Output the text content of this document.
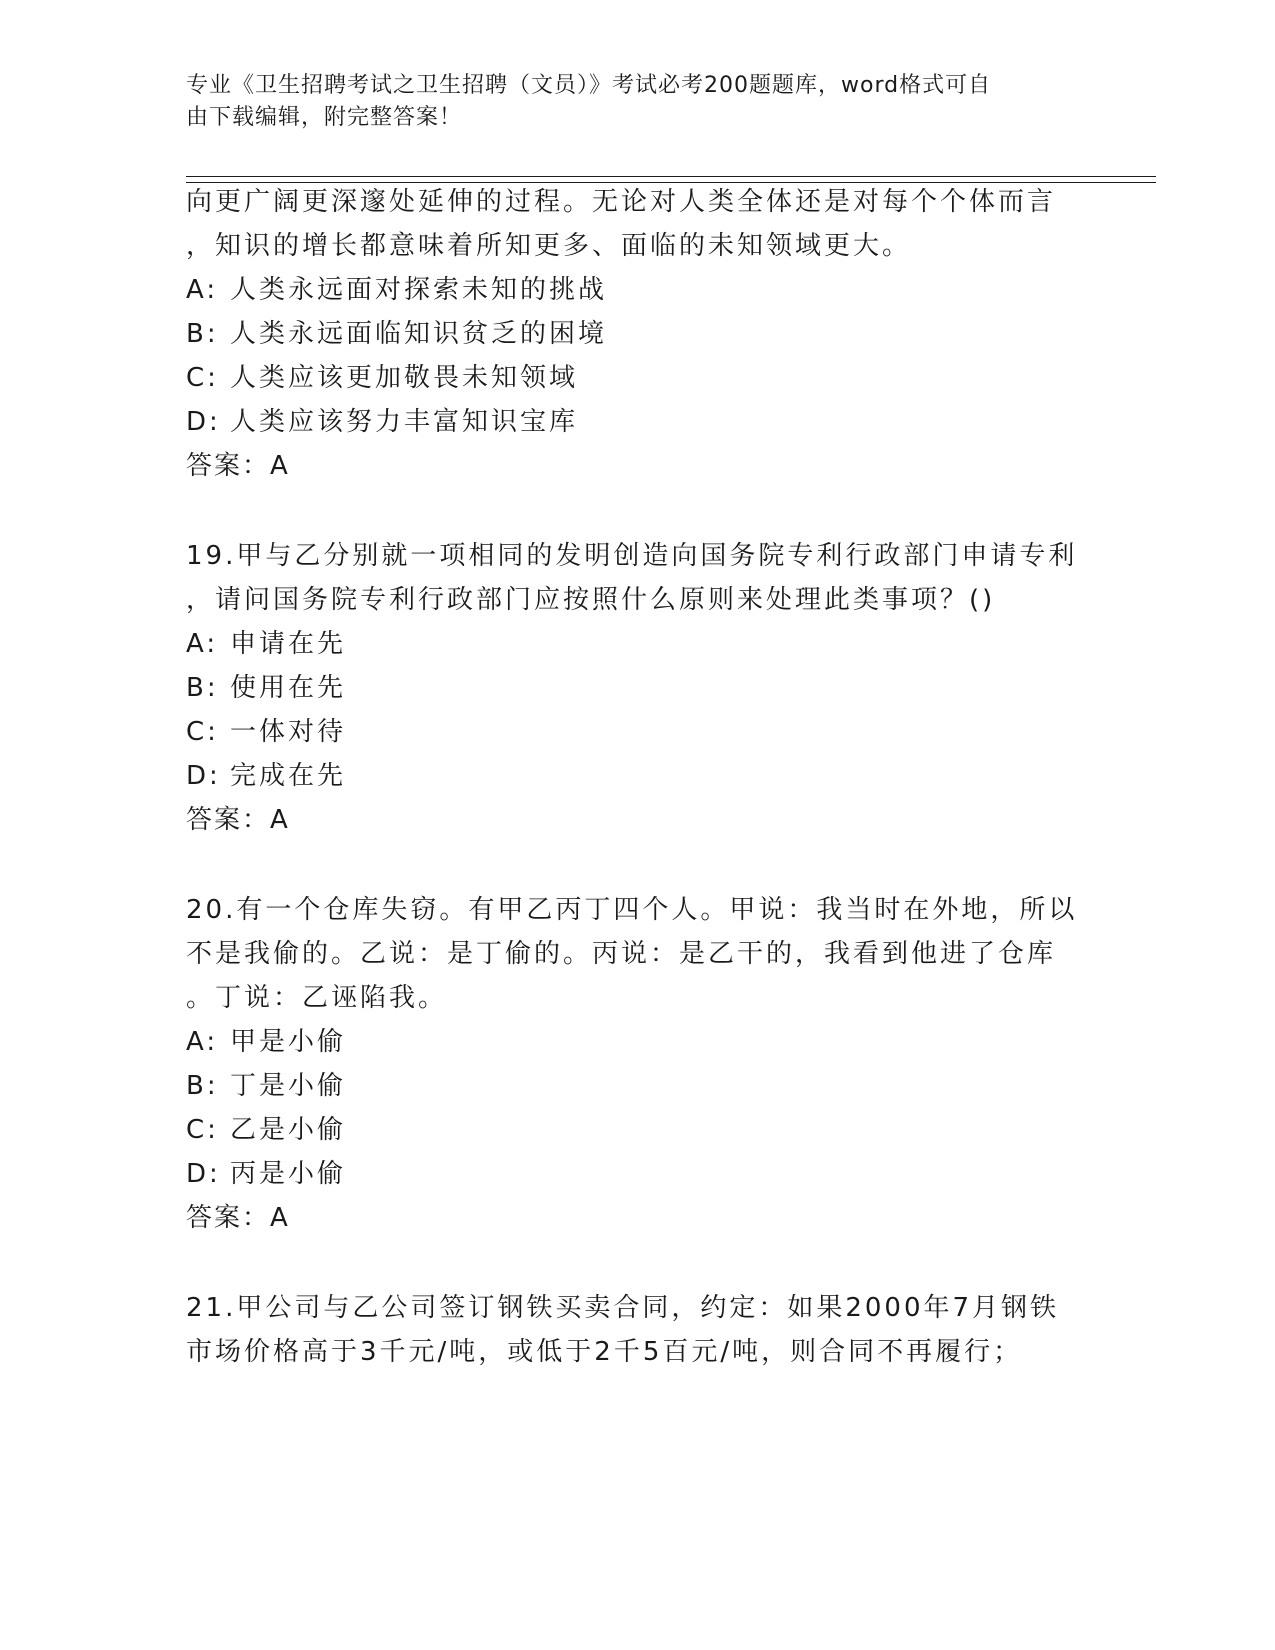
专业《卫生招聘考试之卫生招聘（文员）》考试必考200题题库，word格式可自
由下载编辑，附完整答案！
向更广阔更深邃处延伸的过程。无论对人类全体还是对每个个体而言
，知识的增长都意味着所知更多、面临的未知领域更大。
A: 人类永远面对探索未知的挑战
B: 人类永远面临知识贫乏的困境
C: 人类应该更加敬畏未知领域
D: 人类应该努力丰富知识宝库
答案：A
19.甲与乙分别就一项相同的发明创造向国务院专利行政部门申请专利
，请问国务院专利行政部门应按照什么原则来处理此类事项？()
A: 申请在先
B: 使用在先
C: 一体对待
D: 完成在先
答案：A
20.有一个仓库失窃。有甲乙丙丁四个人。甲说：我当时在外地，所以
不是我偷的。乙说：是丁偷的。丙说：是乙干的，我看到他进了仓库
。丁说：乙诬陷我。
A: 甲是小偷
B: 丁是小偷
C: 乙是小偷
D: 丙是小偷
答案：A
21.甲公司与乙公司签订钢铁买卖合同，约定：如果2000年7月钢铁
市场价格高于3千元/吨，或低于2千5百元/吨，则合同不再履行；
